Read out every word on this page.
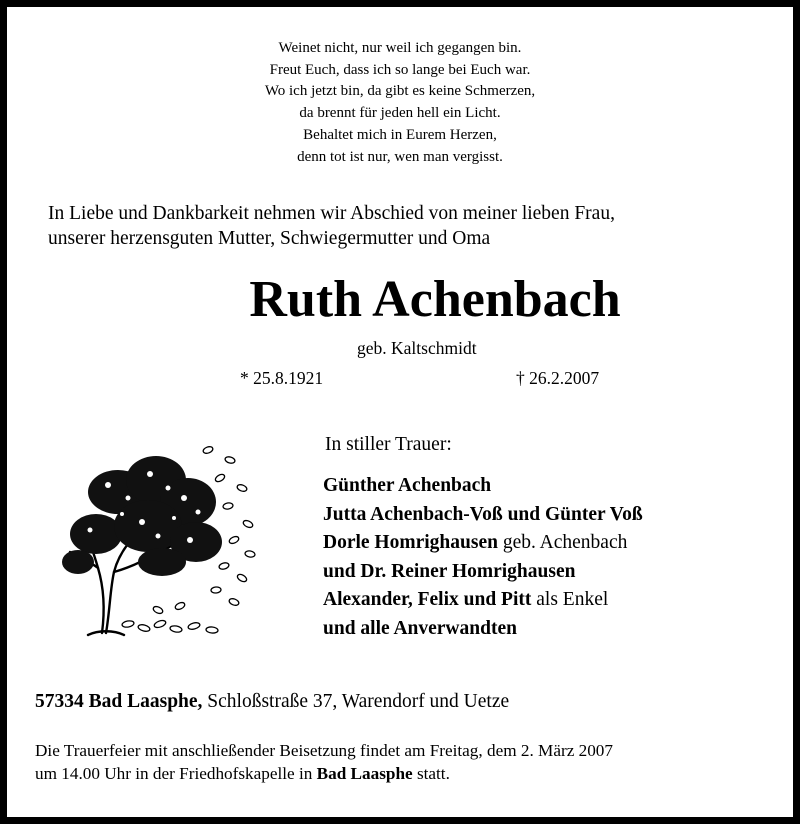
Weinet nicht, nur weil ich gegangen bin.
Freut Euch, dass ich so lange bei Euch war.
Wo ich jetzt bin, da gibt es keine Schmerzen,
da brennt für jeden hell ein Licht.
Behaltet mich in Eurem Herzen,
denn tot ist nur, wen man vergisst.
In Liebe und Dankbarkeit nehmen wir Abschied von meiner lieben Frau,
unserer herzensguten Mutter, Schwiegermutter und Oma
Ruth Achenbach
geb. Kaltschmidt
* 25.8.1921	† 26.2.2007
In stiller Trauer:
Günther Achenbach
Jutta Achenbach-Voß und Günter Voß
Dorle Homrighausen geb. Achenbach
und Dr. Reiner Homrighausen
Alexander, Felix und Pitt als Enkel
und alle Anverwandten
57334 Bad Laasphe, Schloßstraße 37, Warendorf und Uetze
Die Trauerfeier mit anschließender Beisetzung findet am Freitag, dem 2. März 2007
um 14.00 Uhr in der Friedhofskapelle in Bad Laasphe statt.
